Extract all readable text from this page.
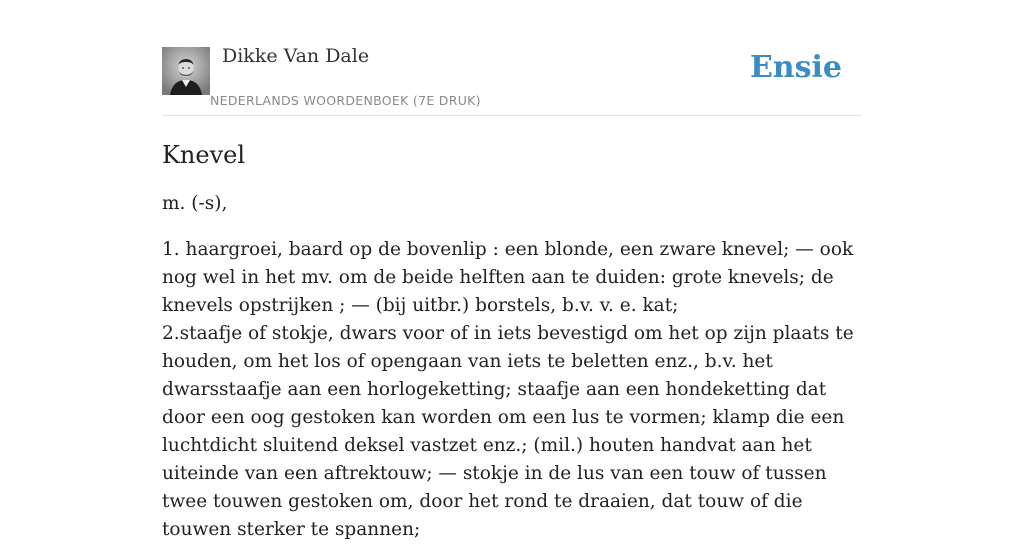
Dikke Van Dale
NEDERLANDS WOORDENBOEK (7E DRUK)
Ensie
Knevel
m. (-s),

1. haargroei, baard op de bovenlip : een blonde, een zware knevel; — ook nog wel in het mv. om de beide helften aan te duiden: grote knevels; de knevels opstrijken ; — (bij uitbr.) borstels, b.v. v. e. kat;

2.staafje of stokje, dwars voor of in iets bevestigd om het op zijn plaats te houden, om het los of opengaan van iets te beletten enz., b.v. het dwarsstaafje aan een horlogeketting; staafje aan een hondeketting dat door een oog gestoken kan worden om een lus te vormen; klamp die een luchtdicht sluitend deksel vastzet enz.; (mil.) houten handvat aan het uiteinde van een aftrektouw; — stokje in de lus van een touw of tussen twee touwen gestoken om, door het rond te draaien, dat touw of die touwen sterker te spannen;
